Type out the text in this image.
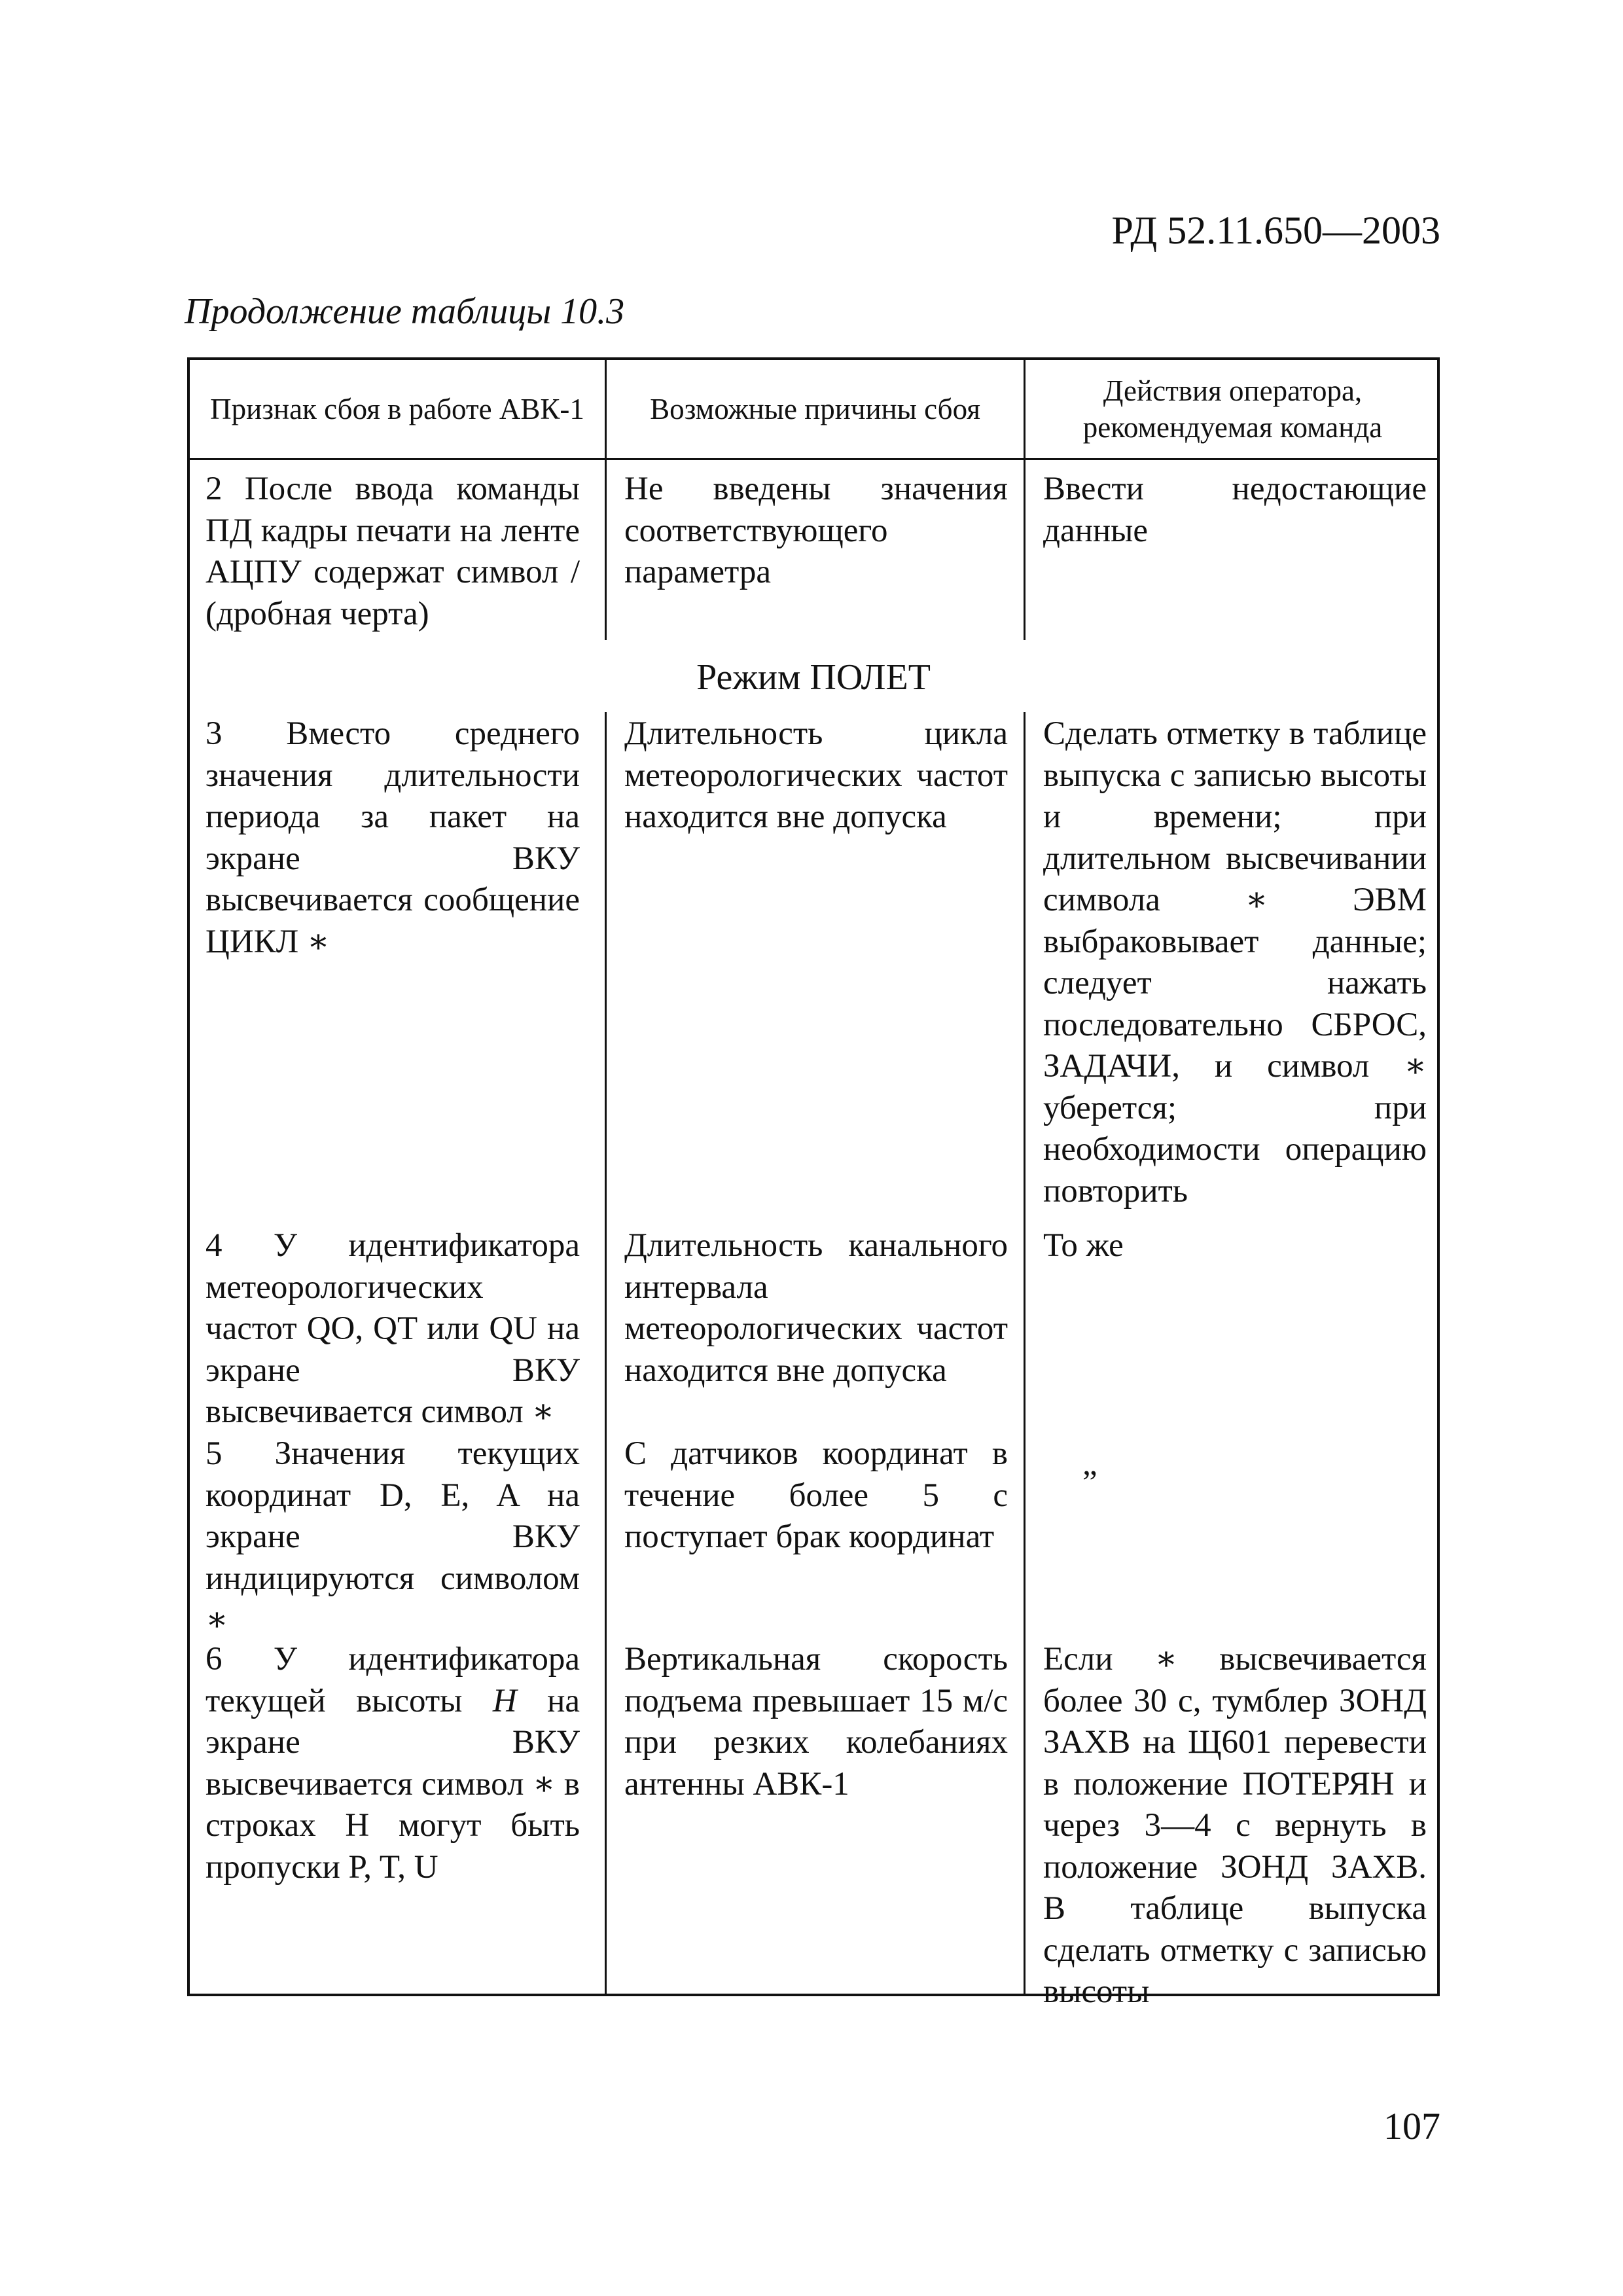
РД 52.11.650—2003
Продолжение таблицы 10.3
Признак сбоя в работе АВК-1	Возможные причины сбоя
Действия оператора, рекомендуемая команда
2 После ввода команды ПД кадры печати на ленте АЦПУ содержат символ / (дробная черта)
Не введены значения соответствующего параметра
Ввести недостающие данные
Режим ПОЛЕТ
3 Вместо среднего значения длительности периода за пакет на экране ВКУ высвечивается сообщение ЦИКЛ ∗
Длительность цикла метеорологических частот находится вне допуска
Сделать отметку в таблице выпуска с записью высоты и времени; при длительном высвечивании символа ∗ ЭВМ выбраковывает данные; следует нажать последовательно СБРОС, ЗАДАЧИ, и символ ∗ уберется; при необходимости операцию повторить
4 У идентификатора метеорологических частот QO, QT или QU на экране ВКУ высвечивается символ ∗
Длительность канального интервала метеорологических частот находится вне допуска
То же
5 Значения текущих координат D, E, A на экране ВКУ индицируются символом ∗
С датчиков координат в течение более 5 с поступает брак координат
„
6 У идентификатора текущей высоты H на экране ВКУ высвечивается символ ∗ в строках H могут быть пропуски P, T, U
Вертикальная скорость подъема превышает 15 м/с при резких колебаниях антенны АВК-1
Если ∗ высвечивается более 30 с, тумблер ЗОНД ЗАХВ на Щ601 перевести в положение ПОТЕРЯН и через 3—4 с вернуть в положение ЗОНД ЗАХВ. В таблице выпуска сделать отметку с записью высоты
107
